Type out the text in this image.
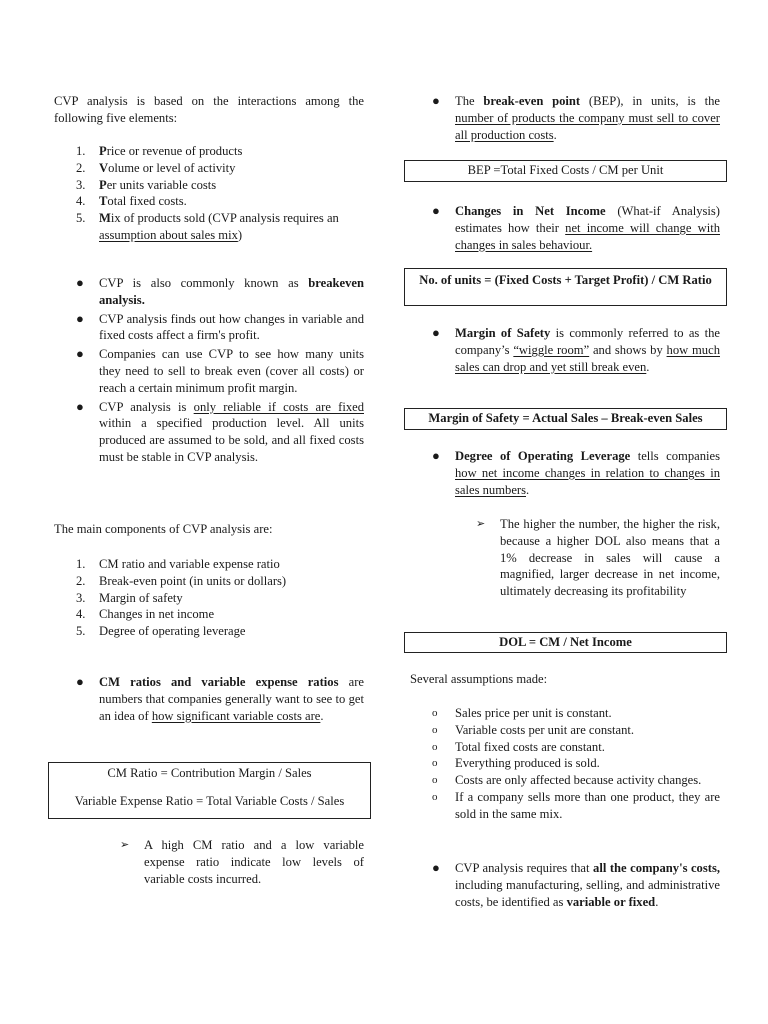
CVP analysis is based on the interactions among the following five elements:
1. Price or revenue of products
2. Volume or level of activity
3. Per units variable costs
4. Total fixed costs.
5. Mix of products sold (CVP analysis requires an assumption about sales mix)
● CVP is also commonly known as breakeven analysis.
● CVP analysis finds out how changes in variable and fixed costs affect a firm's profit.
● Companies can use CVP to see how many units they need to sell to break even (cover all costs) or reach a certain minimum profit margin.
● CVP analysis is only reliable if costs are fixed within a specified production level. All units produced are assumed to be sold, and all fixed costs must be stable in CVP analysis.
The main components of CVP analysis are:
1. CM ratio and variable expense ratio
2. Break-even point (in units or dollars)
3. Margin of safety
4. Changes in net income
5. Degree of operating leverage
● CM ratios and variable expense ratios are numbers that companies generally want to see to get an idea of how significant variable costs are.
CM Ratio = Contribution Margin / Sales
Variable Expense Ratio = Total Variable Costs / Sales
➢ A high CM ratio and a low variable expense ratio indicate low levels of variable costs incurred.
● The break-even point (BEP), in units, is the number of products the company must sell to cover all production costs.
BEP =Total Fixed Costs / CM per Unit
● Changes in Net Income (What-if Analysis) estimates how their net income will change with changes in sales behaviour.
No. of units = (Fixed Costs + Target Profit) / CM Ratio
● Margin of Safety is commonly referred to as the company’s “wiggle room” and shows by how much sales can drop and yet still break even.
Margin of Safety = Actual Sales – Break-even Sales
● Degree of Operating Leverage tells companies how net income changes in relation to changes in sales numbers.
➢ The higher the number, the higher the risk, because a higher DOL also means that a 1% decrease in sales will cause a magnified, larger decrease in net income, ultimately decreasing its profitability
DOL = CM / Net Income
Several assumptions made:
o Sales price per unit is constant.
o Variable costs per unit are constant.
o Total fixed costs are constant.
o Everything produced is sold.
o Costs are only affected because activity changes.
o If a company sells more than one product, they are sold in the same mix.
● CVP analysis requires that all the company's costs, including manufacturing, selling, and administrative costs, be identified as variable or fixed.
